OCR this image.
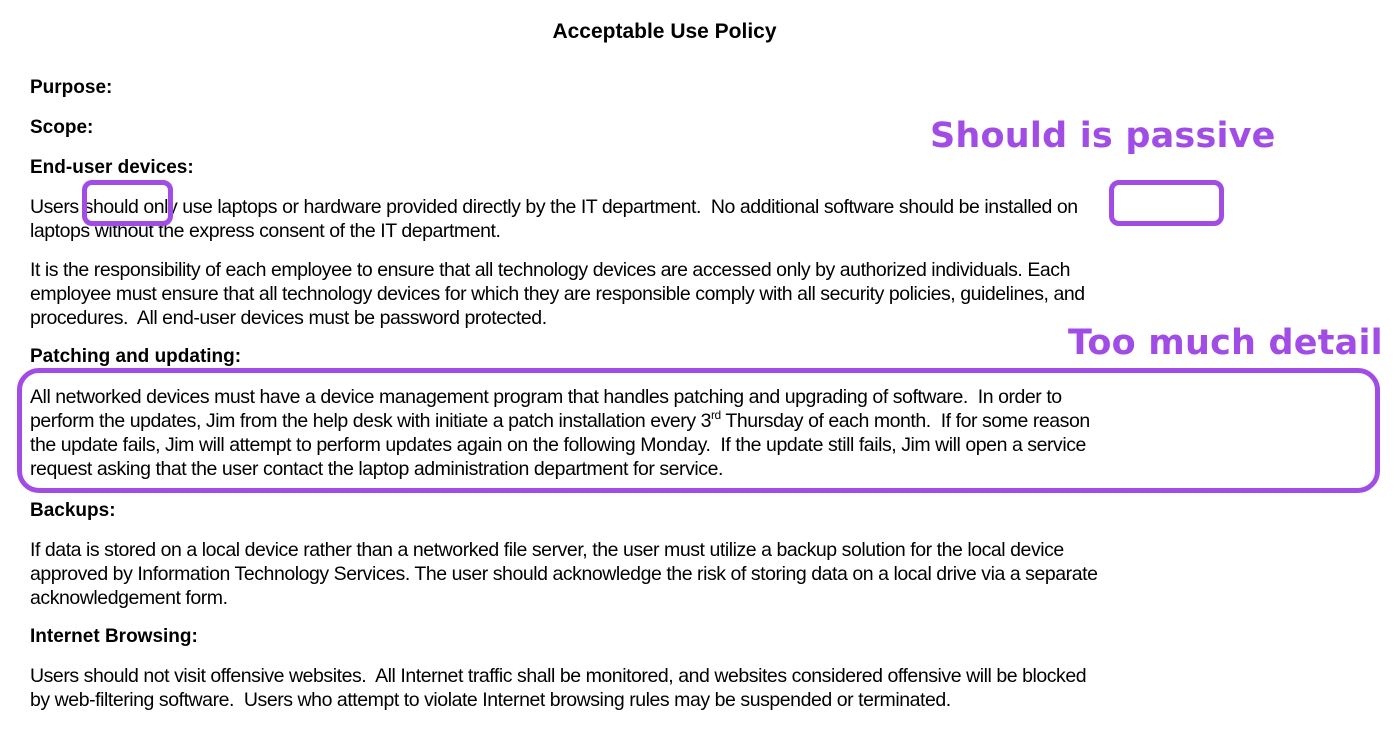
Acceptable Use Policy
Purpose:
Scope:
End-user devices:
Users should only use laptops or hardware provided directly by the IT department.  No additional software should be installed on
laptops without the express consent of the IT department.
It is the responsibility of each employee to ensure that all technology devices are accessed only by authorized individuals. Each
employee must ensure that all technology devices for which they are responsible comply with all security policies, guidelines, and
procedures.  All end-user devices must be password protected.
Patching and updating:
All networked devices must have a device management program that handles patching and upgrading of software.  In order to
perform the updates, Jim from the help desk with initiate a patch installation every 3rd Thursday of each month.  If for some reason
the update fails, Jim will attempt to perform updates again on the following Monday.  If the update still fails, Jim will open a service
request asking that the user contact the laptop administration department for service.
Backups:
If data is stored on a local device rather than a networked file server, the user must utilize a backup solution for the local device
approved by Information Technology Services. The user should acknowledge the risk of storing data on a local drive via a separate
acknowledgement form.
Internet Browsing:
Users should not visit offensive websites.  All Internet traffic shall be monitored, and websites considered offensive will be blocked
by web-filtering software.  Users who attempt to violate Internet browsing rules may be suspended or terminated.
Should is passive
Too much detail
